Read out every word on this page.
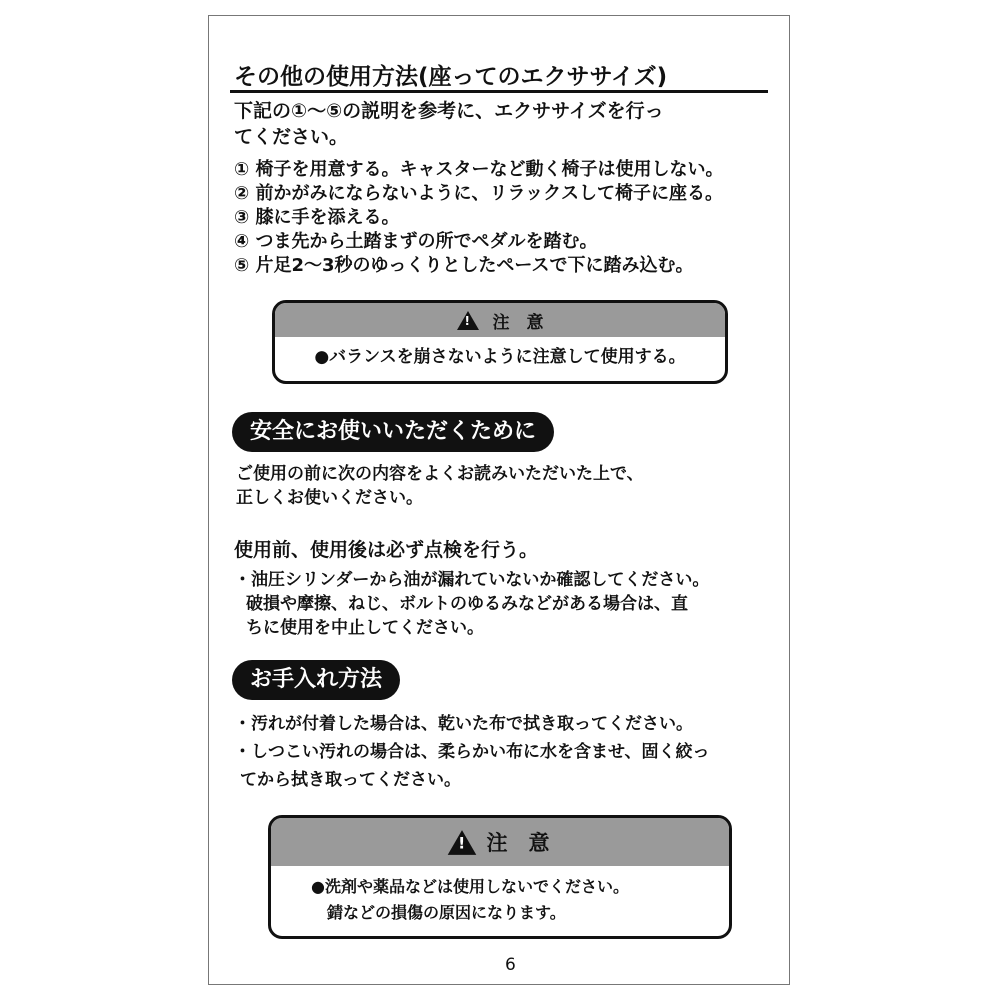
その他の使用方法(座ってのエクササイズ)
下記の①～⑤の説明を参考に、エクササイズを行っ
てください。
① 椅子を用意する。キャスターなど動く椅子は使用しない。
② 前かがみにならないように、リラックスして椅子に座る。
③ 膝に手を添える。
④ つま先から土踏まずの所でペダルを踏む。
⑤ 片足2～3秒のゆっくりとしたペースで下に踏み込む。
!
注　意
●バランスを崩さないように注意して使用する。
安全にお使いいただくために
ご使用の前に次の内容をよくお読みいただいた上で、
正しくお使いください。
使用前、使用後は必ず点検を行う。
・油圧シリンダーから油が漏れていないか確認してください。
破損や摩擦、ねじ、ボルトのゆるみなどがある場合は、直
ちに使用を中止してください。
お手入れ方法
・汚れが付着した場合は、乾いた布で拭き取ってください。
・しつこい汚れの場合は、柔らかい布に水を含ませ、固く絞っ
てから拭き取ってください。
!
注　意
●洗剤や薬品などは使用しないでください。
錆などの損傷の原因になります。
6
